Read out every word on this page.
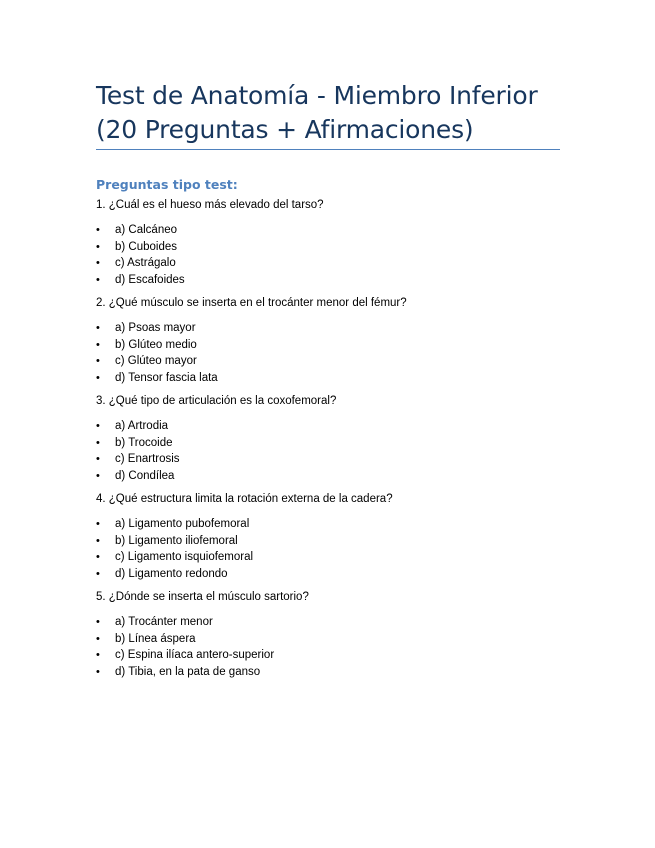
Test de Anatomía - Miembro Inferior
(20 Preguntas + Afirmaciones)
Preguntas tipo test:

1. ¿Cuál es el hueso más elevado del tarso?

• a) Calcáneo
• b) Cuboides
• c) Astrágalo
• d) Escafoides

2. ¿Qué músculo se inserta en el trocánter menor del fémur?

• a) Psoas mayor
• b) Glúteo medio
• c) Glúteo mayor
• d) Tensor fascia lata

3. ¿Qué tipo de articulación es la coxofemoral?

• a) Artrodia
• b) Trocoide
• c) Enartrosis
• d) Condílea

4. ¿Qué estructura limita la rotación externa de la cadera?

• a) Ligamento pubofemoral
• b) Ligamento iliofemoral
• c) Ligamento isquiofemoral
• d) Ligamento redondo

5. ¿Dónde se inserta el músculo sartorio?

• a) Trocánter menor
• b) Línea áspera
• c) Espina ilíaca antero-superior
• d) Tibia, en la pata de ganso
